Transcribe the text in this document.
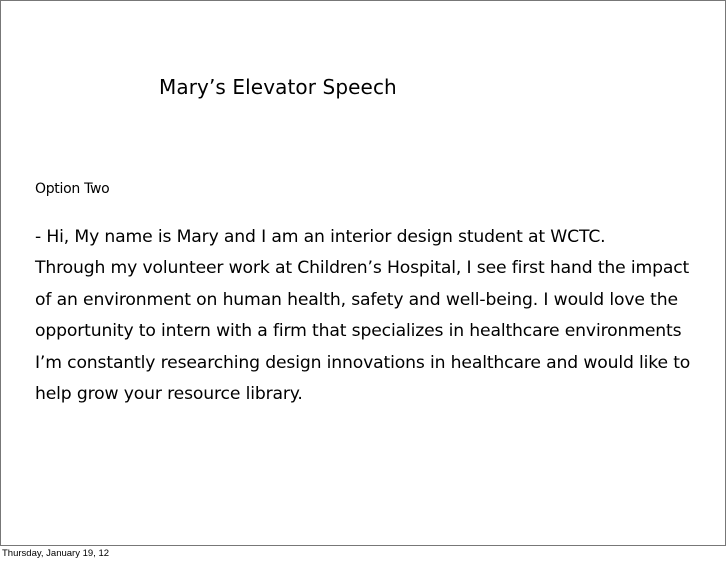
Mary’s Elevator Speech
Option Two
- Hi, My name is Mary and I am an interior design student at WCTC.
Through my volunteer work at Children’s Hospital, I see first hand the impact
of an environment on human health, safety and well-being. I would love the
opportunity to intern with a firm that specializes in healthcare environments
I’m constantly researching design innovations in healthcare and would like to
help grow your resource library.
Thursday, January 19, 12
